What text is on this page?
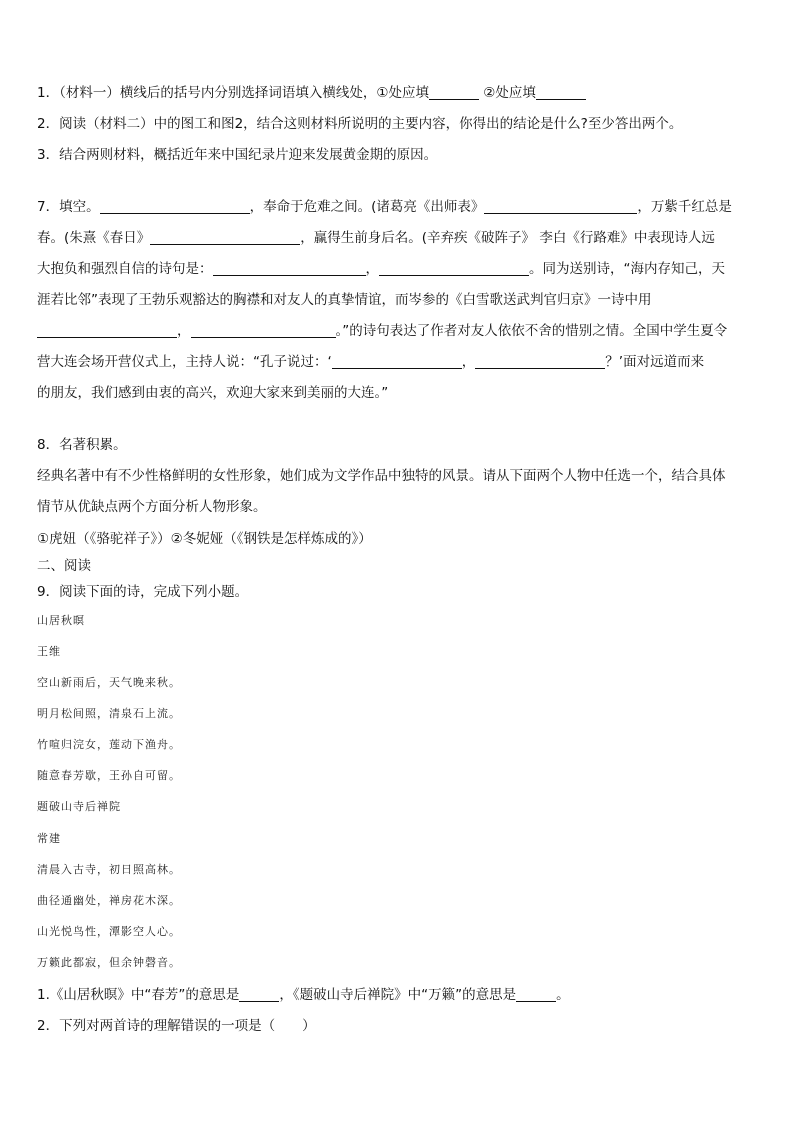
1．（材料一）横线后的括号内分别选择词语填入横线处，①处应填	②处应填
2．阅读（材料二）中的图工和图2，结合这则材料所说明的主要内容，你得出的结论是什么?至少答出两个。
3．结合两则材料，概括近年来中国纪录片迎来发展黄金期的原因。
7．填空。	，奉命于危难之间。(诸葛亮《出师表》	，万紫千红总是
春。(朱熹《春日》	，赢得生前身后名。(辛弃疾《破阵子》 李白《行路难》中表现诗人远
大抱负和强烈自信的诗句是：	，	。同为送别诗，“海内存知己，天
涯若比邻”表现了王勃乐观豁达的胸襟和对友人的真挚情谊，而岑参的《白雪歌送武判官归京》一诗中用
，	。”的诗句表达了作者对友人依依不舍的惜别之情。全国中学生夏令
营大连会场开营仪式上，主持人说：“孔子说过：‘	，	？’面对远道而来
的朋友，我们感到由衷的高兴，欢迎大家来到美丽的大连。”
8．名著积累。
经典名著中有不少性格鲜明的女性形象，她们成为文学作品中独特的风景。请从下面两个人物中任选一个，结合具体
情节从优缺点两个方面分析人物形象。
①虎妞（《骆驼祥子》）②冬妮娅（《钢铁是怎样炼成的》）
二、阅读
9．阅读下面的诗，完成下列小题。
山居秋暝
王维
空山新雨后，天气晚来秋。
明月松间照，清泉石上流。
竹喧归浣女，莲动下渔舟。
随意春芳歇，王孙自可留。
题破山寺后禅院
常建
清晨入古寺，初日照高林。
曲径通幽处，禅房花木深。
山光悦鸟性，潭影空人心。
万籁此都寂，但余钟磬音。
1.《山居秋暝》中“春芳”的意思是	，《题破山寺后禅院》中“万籁”的意思是	。
2．下列对两首诗的理解错误的一项是（　　）
